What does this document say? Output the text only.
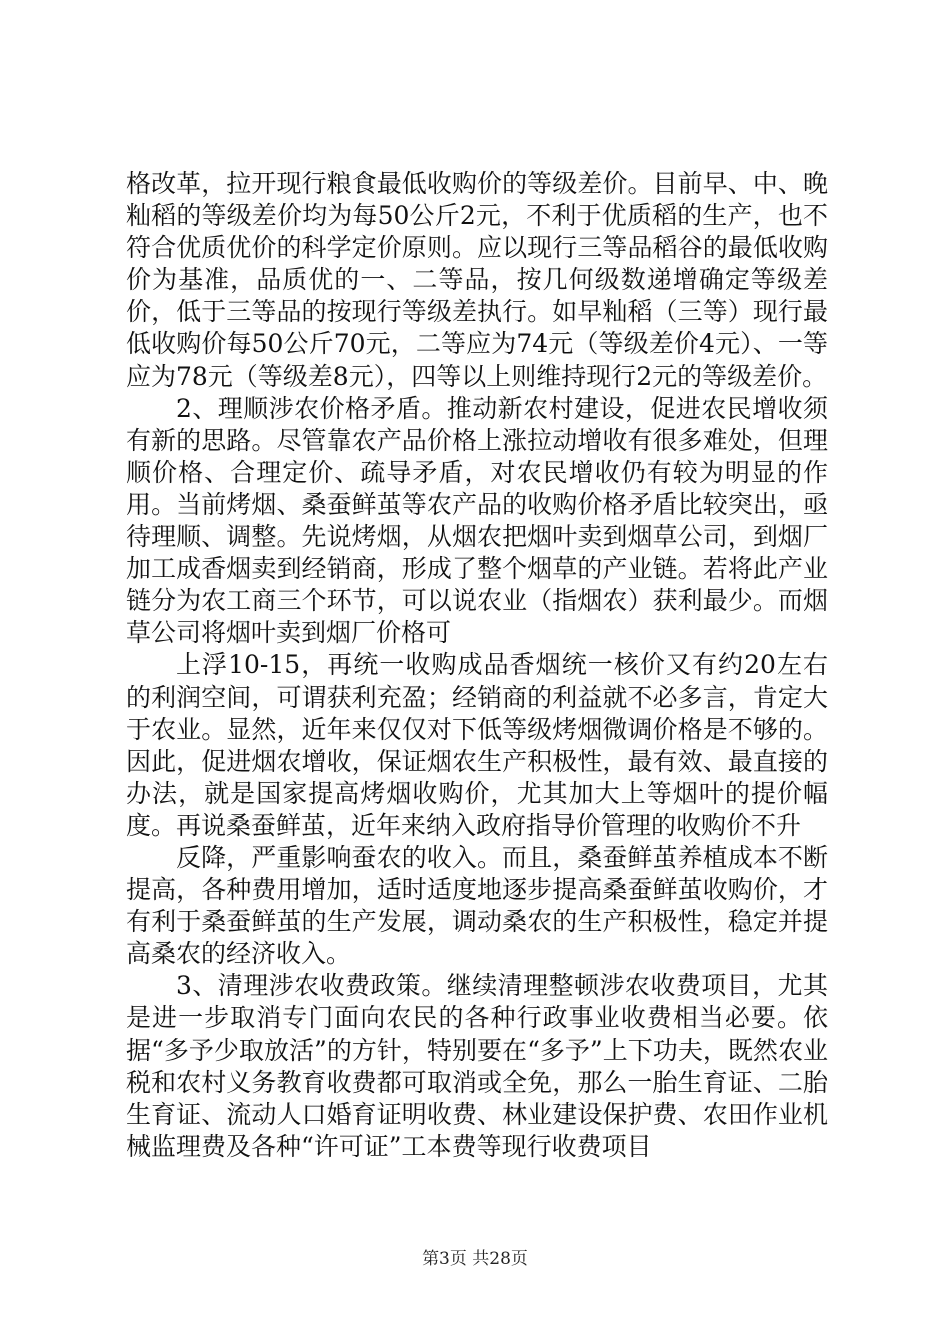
格改革，拉开现行粮食最低收购价的等级差价。目前早、中、晚籼稻的等级差价均为每50公斤2元，不利于优质稻的生产，也不符合优质优价的科学定价原则。应以现行三等品稻谷的最低收购价为基准，品质优的一、二等品，按几何级数递增确定等级差价，低于三等品的按现行等级差执行。如早籼稻（三等）现行最低收购价每50公斤70元，二等应为74元（等级差价4元）、一等应为78元（等级差8元），四等以上则维持现行2元的等级差价。

2、理顺涉农价格矛盾。推动新农村建设，促进农民增收须有新的思路。尽管靠农产品价格上涨拉动增收有很多难处，但理顺价格、合理定价、疏导矛盾，对农民增收仍有较为明显的作用。当前烤烟、桑蚕鲜茧等农产品的收购价格矛盾比较突出，亟待理顺、调整。先说烤烟，从烟农把烟叶卖到烟草公司，到烟厂加工成香烟卖到经销商，形成了整个烟草的产业链。若将此产业链分为农工商三个环节，可以说农业（指烟农）获利最少。而烟草公司将烟叶卖到烟厂价格可

上浮10-15，再统一收购成品香烟统一核价又有约20左右的利润空间，可谓获利充盈；经销商的利益就不必多言，肯定大于农业。显然，近年来仅仅对下低等级烤烟微调价格是不够的。因此，促进烟农增收，保证烟农生产积极性，最有效、最直接的办法，就是国家提高烤烟收购价，尤其加大上等烟叶的提价幅度。再说桑蚕鲜茧，近年来纳入政府指导价管理的收购价不升

反降，严重影响蚕农的收入。而且，桑蚕鲜茧养植成本不断提高，各种费用增加，适时适度地逐步提高桑蚕鲜茧收购价，才有利于桑蚕鲜茧的生产发展，调动桑农的生产积极性，稳定并提高桑农的经济收入。

3、清理涉农收费政策。继续清理整顿涉农收费项目，尤其是进一步取消专门面向农民的各种行政事业收费相当必要。依据“多予少取放活”的方针，特别要在“多予”上下功夫，既然农业税和农村义务教育收费都可取消或全免，那么一胎生育证、二胎生育证、流动人口婚育证明收费、林业建设保护费、农田作业机械监理费及各种“许可证”工本费等现行收费项目

第3页 共28页
